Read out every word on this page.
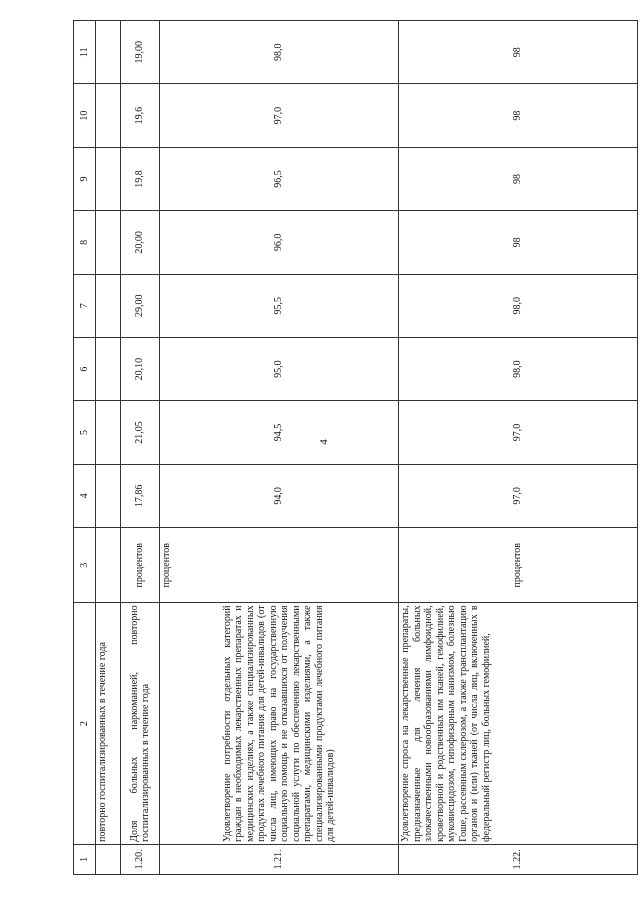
4
1	2	3	4	5	6	7	8	9	10	11
	повторно госпитализированных в течение года									
1.20.	Доля больных наркоманией, повторно госпитализированных в течение года	процентов	17,86	21,05	20,10	29,00	20,00	19,8	19,6	19,00
1.21.	Удовлетворение потребности отдельных категорий граждан в необходимых лекарственных препаратах и медицинских изделиях, а также специализированных продуктах лечебного питания для детей-инвалидов (от числа лиц, имеющих право на государственную социальную помощь и не отказавшихся от получения социальной услуги по обеспечению лекарственными препаратами, медицинскими изделиями, а также специализированными продуктами лечебного питания для детей-инвалидов)	процентов	94,0	94,5	95,0	95,5	96,0	96,5	97,0	98,0
1.22.	Удовлетворение спроса на лекарственные препараты, предназначенные для лечения больных злокачественными новообразованиями лимфоидной, кроветворной и родственных им тканей, гемофилией, муковисцидозом, гипофизарным нанизмом, болезнью Гоше, рассеянным склерозом, а также трансплантацию органов и (или) тканей (от числа лиц, включенных в федеральный регистр лиц, больных гемофилией,	процентов	97,0	97,0	98,0	98,0	98	98	98	98
